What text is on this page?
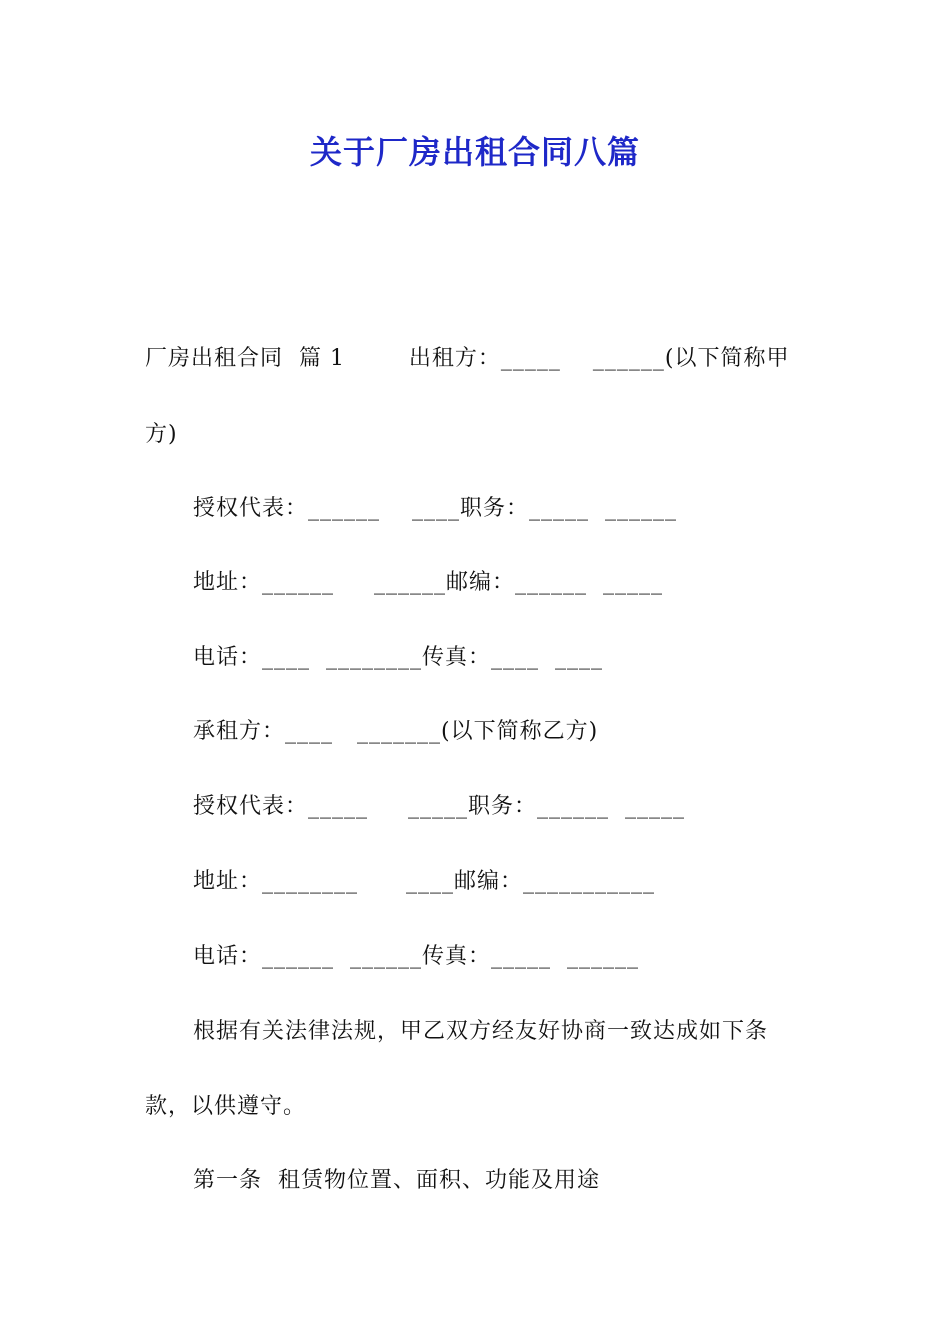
关于厂房出租合同八篇
厂房出租合同  篇 1        出租方：_____    ______(以下简称甲
方)
授权代表：______    ____职务：_____  ______
地址：______     ______邮编：______  _____
电话：____  ________传真：____  ____
承租方：____   _______(以下简称乙方)
授权代表：_____     _____职务：______  _____
地址：________      ____邮编：___________
电话：______  ______传真：_____  ______
根据有关法律法规，甲乙双方经友好协商一致达成如下条
款，以供遵守。
第一条  租赁物位置、面积、功能及用途
